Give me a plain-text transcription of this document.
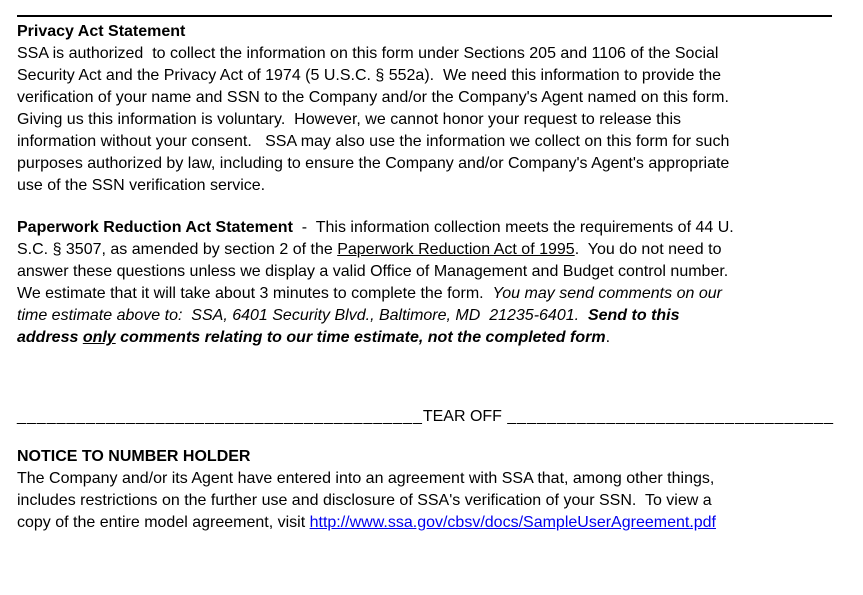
Privacy Act Statement
SSA is authorized  to collect the information on this form under Sections 205 and 1106 of the Social
Security Act and the Privacy Act of 1974 (5 U.S.C. § 552a).  We need this information to provide the
verification of your name and SSN to the Company and/or the Company's Agent named on this form.
Giving us this information is voluntary.  However, we cannot honor your request to release this
information without your consent.   SSA may also use the information we collect on this form for such
purposes authorized by law, including to ensure the Company and/or Company's Agent's appropriate
use of the SSN verification service.
Paperwork Reduction Act Statement  -  This information collection meets the requirements of 44 U.
S.C. § 3507, as amended by section 2 of the Paperwork Reduction Act of 1995.  You do not need to
answer these questions unless we display a valid Office of Management and Budget control number.
We estimate that it will take about 3 minutes to complete the form.  You may send comments on our
time estimate above to:  SSA, 6401 Security Blvd., Baltimore, MD  21235-6401.  Send to this
address only comments relating to our time estimate, not the completed form.
_________________________________________TEAR OFF _________________________________
NOTICE TO NUMBER HOLDER
The Company and/or its Agent have entered into an agreement with SSA that, among other things,
includes restrictions on the further use and disclosure of SSA's verification of your SSN.  To view a
copy of the entire model agreement, visit http://www.ssa.gov/cbsv/docs/SampleUserAgreement.pdf
